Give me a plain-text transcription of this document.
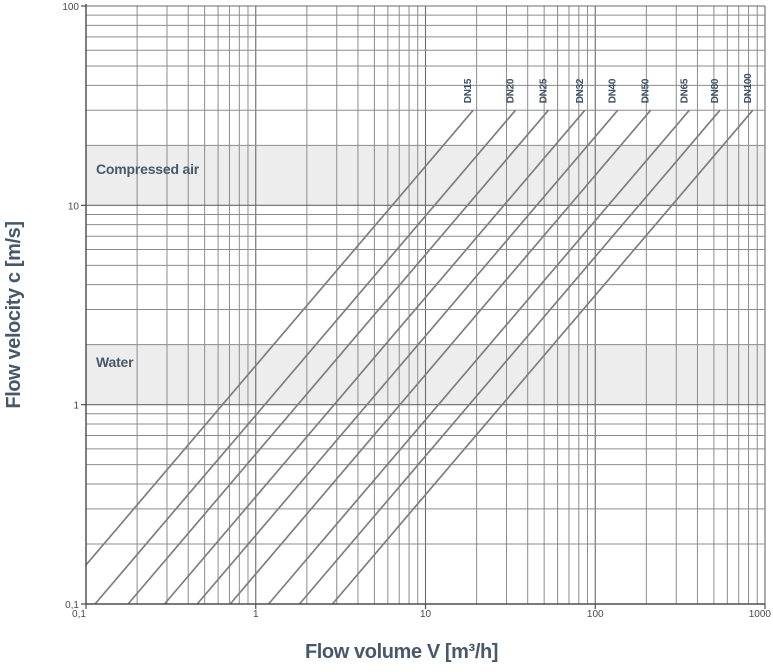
DN15	DN20 DN25	DN32 DN40 DN50	DN65 DN80 DN100
0,1	1	10	100	1000
0,1
1
10
100
Flow velocity c [m/s]
Flow volume V [m³/h]
Compressed air
Water
